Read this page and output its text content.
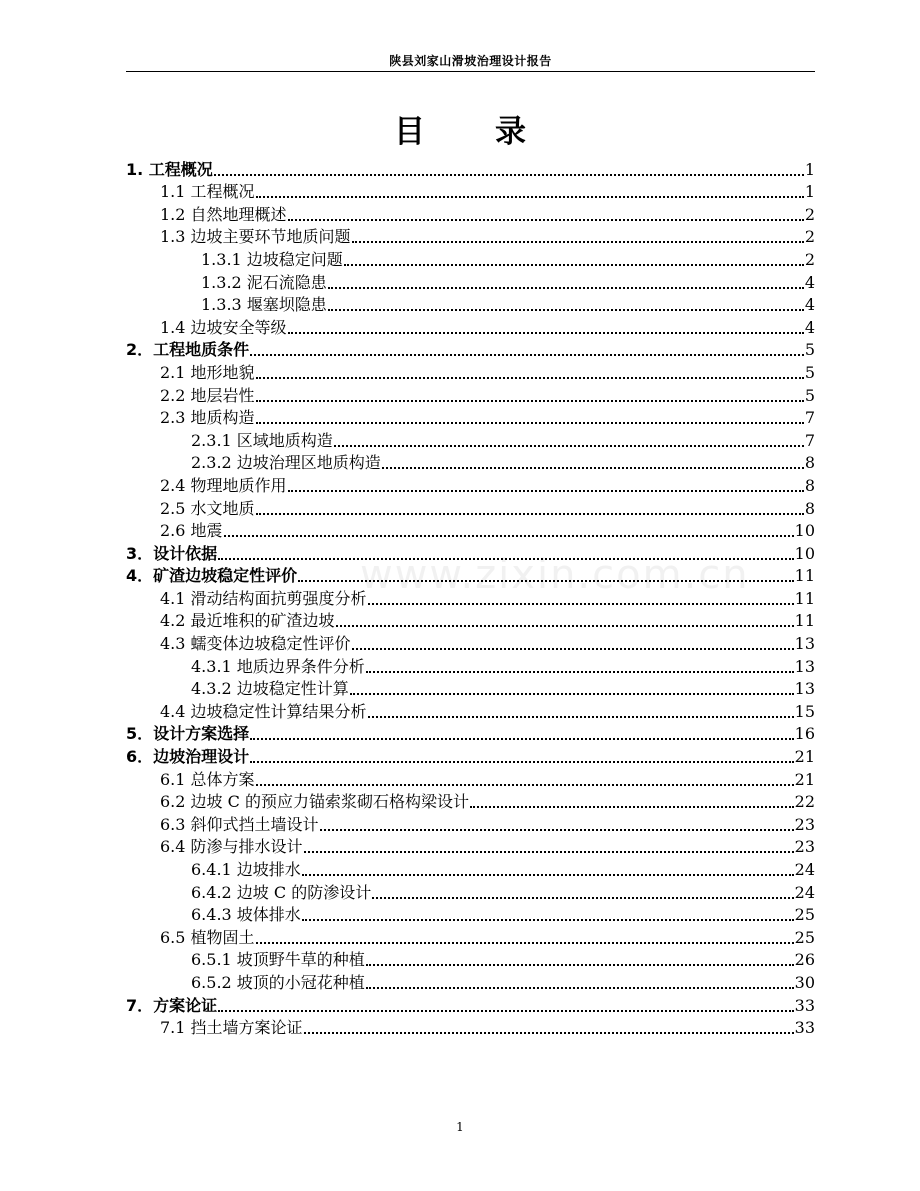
陕县刘家山滑坡治理设计报告
目 录
www.zixin.com.cn
1. 工程概况	1
1.1 工程概况	1
1.2 自然地理概述	2
1.3 边坡主要环节地质问题	2
1.3.1 边坡稳定问题	2
1.3.2 泥石流隐患	4
1.3.3 堰塞坝隐患	4
1.4 边坡安全等级	4
2．工程地质条件	5
2.1 地形地貌	5
2.2 地层岩性	5
2.3 地质构造	7
2.3.1 区域地质构造	7
2.3.2 边坡治理区地质构造	8
2.4 物理地质作用	8
2.5 水文地质	8
2.6 地震	10
3．设计依据	10
4．矿渣边坡稳定性评价	11
4.1 滑动结构面抗剪强度分析	11
4.2 最近堆积的矿渣边坡	11
4.3 蠕变体边坡稳定性评价	13
4.3.1 地质边界条件分析	13
4.3.2 边坡稳定性计算	13
4.4 边坡稳定性计算结果分析	15
5．设计方案选择	16
6．边坡治理设计	21
6.1 总体方案	21
6.2 边坡 C 的预应力锚索浆砌石格构梁设计	22
6.3 斜仰式挡土墙设计	23
6.4 防渗与排水设计	23
6.4.1 边坡排水	24
6.4.2 边坡 C 的防渗设计	24
6.4.3 坡体排水	25
6.5 植物固土	25
6.5.1 坡顶野牛草的种植	26
6.5.2 坡顶的小冠花种植	30
7．方案论证	33
7.1 挡土墙方案论证	33
1
